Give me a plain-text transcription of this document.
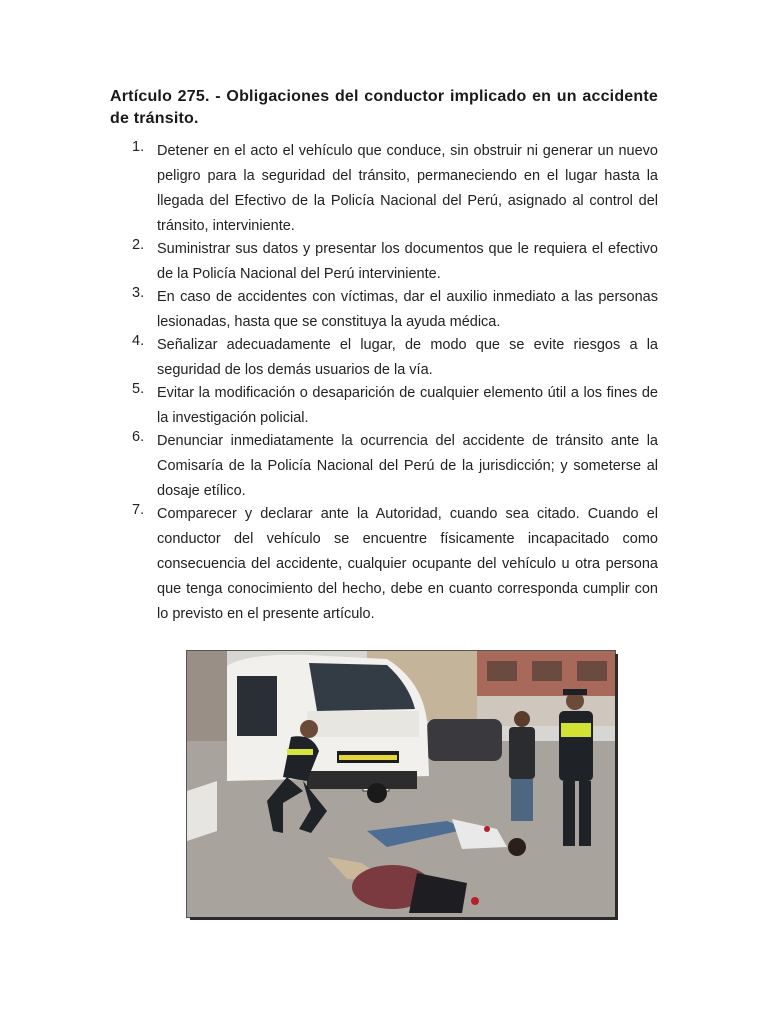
Artículo 275. - Obligaciones del conductor implicado en un accidente de tránsito.
1. Detener en el acto el vehículo que conduce, sin obstruir ni generar un nuevo peligro para la seguridad del tránsito, permaneciendo en el lugar hasta la llegada del Efectivo de la Policía Nacional del Perú, asignado al control del tránsito, interviniente.
2. Suministrar sus datos y presentar los documentos que le requiera el efectivo de la Policía Nacional del Perú interviniente.
3. En caso de accidentes con víctimas, dar el auxilio inmediato a las personas lesionadas, hasta que se constituya la ayuda médica.
4. Señalizar adecuadamente el lugar, de modo que se evite riesgos a la seguridad de los demás usuarios de la vía.
5. Evitar la modificación o desaparición de cualquier elemento útil a los fines de la investigación policial.
6. Denunciar inmediatamente la ocurrencia del accidente de tránsito ante la Comisaría de la Policía Nacional del Perú de la jurisdicción; y someterse al dosaje etílico.
7. Comparecer y declarar ante la Autoridad, cuando sea citado. Cuando el conductor del vehículo se encuentre físicamente incapacitado como consecuencia del accidente, cualquier ocupante del vehículo u otra persona que tenga conocimiento del hecho, debe en cuanto corresponda cumplir con lo previsto en el presente artículo.
